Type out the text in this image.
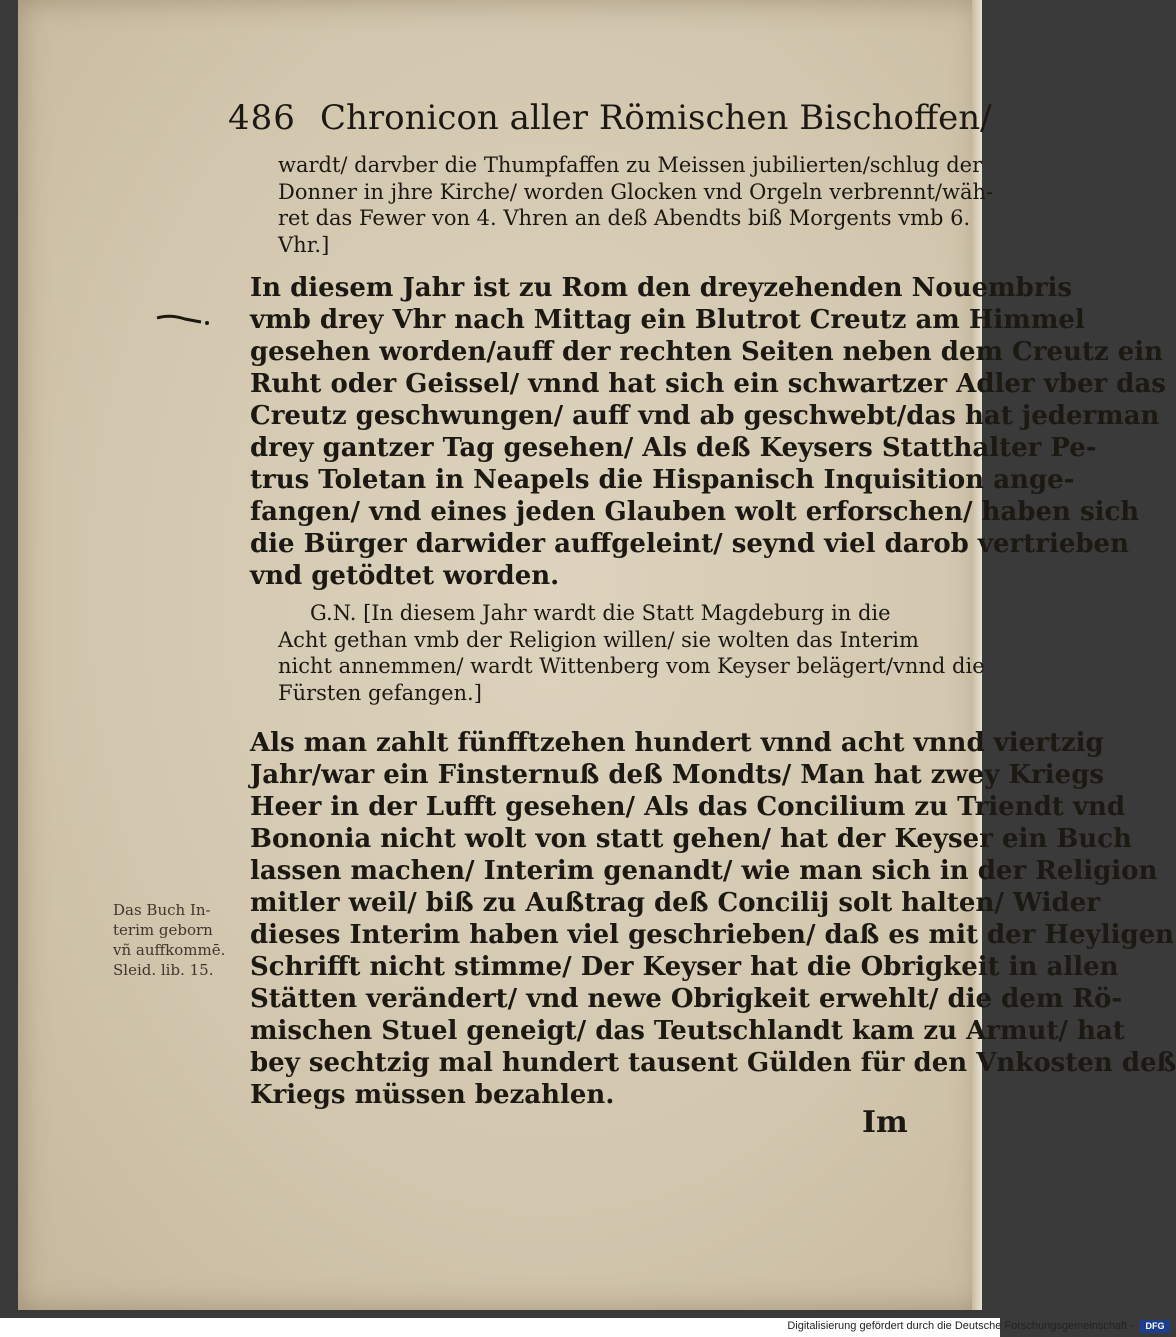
486 Chronicon aller Römischen Bischoffen/
wardt/ darvber die Thumpfaffen zu Meissen jubilierten/schlug der
Donner in jhre Kirche/ worden Glocken vnd Orgeln verbrennt/wäh-
ret das Fewer von 4. Vhren an deß Abendts biß Morgents vmb 6.
Vhr.]
In diesem Jahr ist zu Rom den dreyzehenden Nouembris
vmb drey Vhr nach Mittag ein Blutrot Creutz am Himmel
gesehen worden/auff der rechten Seiten neben dem Creutz ein
Ruht oder Geissel/ vnnd hat sich ein schwartzer Adler vber das
Creutz geschwungen/ auff vnd ab geschwebt/das hat jederman
drey gantzer Tag gesehen/ Als deß Keysers Statthalter Pe-
trus Toletan in Neapels die Hispanisch Inquisition ange-
fangen/ vnd eines jeden Glauben wolt erforschen/ haben sich
die Bürger darwider auffgeleint/ seynd viel darob vertrieben
vnd getödtet worden.
G.N. [In diesem Jahr wardt die Statt Magdeburg in die
Acht gethan vmb der Religion willen/ sie wolten das Interim
nicht annemmen/ wardt Wittenberg vom Keyser belägert/vnnd die
Fürsten gefangen.]
Als man zahlt fünfftzehen hundert vnnd acht vnnd viertzig
Jahr/war ein Finsternuß deß Mondts/ Man hat zwey Kriegs
Heer in der Lufft gesehen/ Als das Concilium zu Triendt vnd
Bononia nicht wolt von statt gehen/ hat der Keyser ein Buch
lassen machen/ Interim genandt/ wie man sich in der Religion
mitler weil/ biß zu Außtrag deß Concilij solt halten/ Wider
dieses Interim haben viel geschrieben/ daß es mit der Heyligen
Schrifft nicht stimme/ Der Keyser hat die Obrigkeit in allen
Stätten verändert/ vnd newe Obrigkeit erwehlt/ die dem Rö-
mischen Stuel geneigt/ das Teutschlandt kam zu Armut/ hat
bey sechtzig mal hundert tausent Gülden für den Vnkosten deß
Kriegs müssen bezahlen.
Das Buch In-
terim geborn
vñ auffkommē.
Sleid. lib. 15.
Im
Digitalisierung gefördert durch die Deutsche Forschungsgemeinschaft -	DFG
